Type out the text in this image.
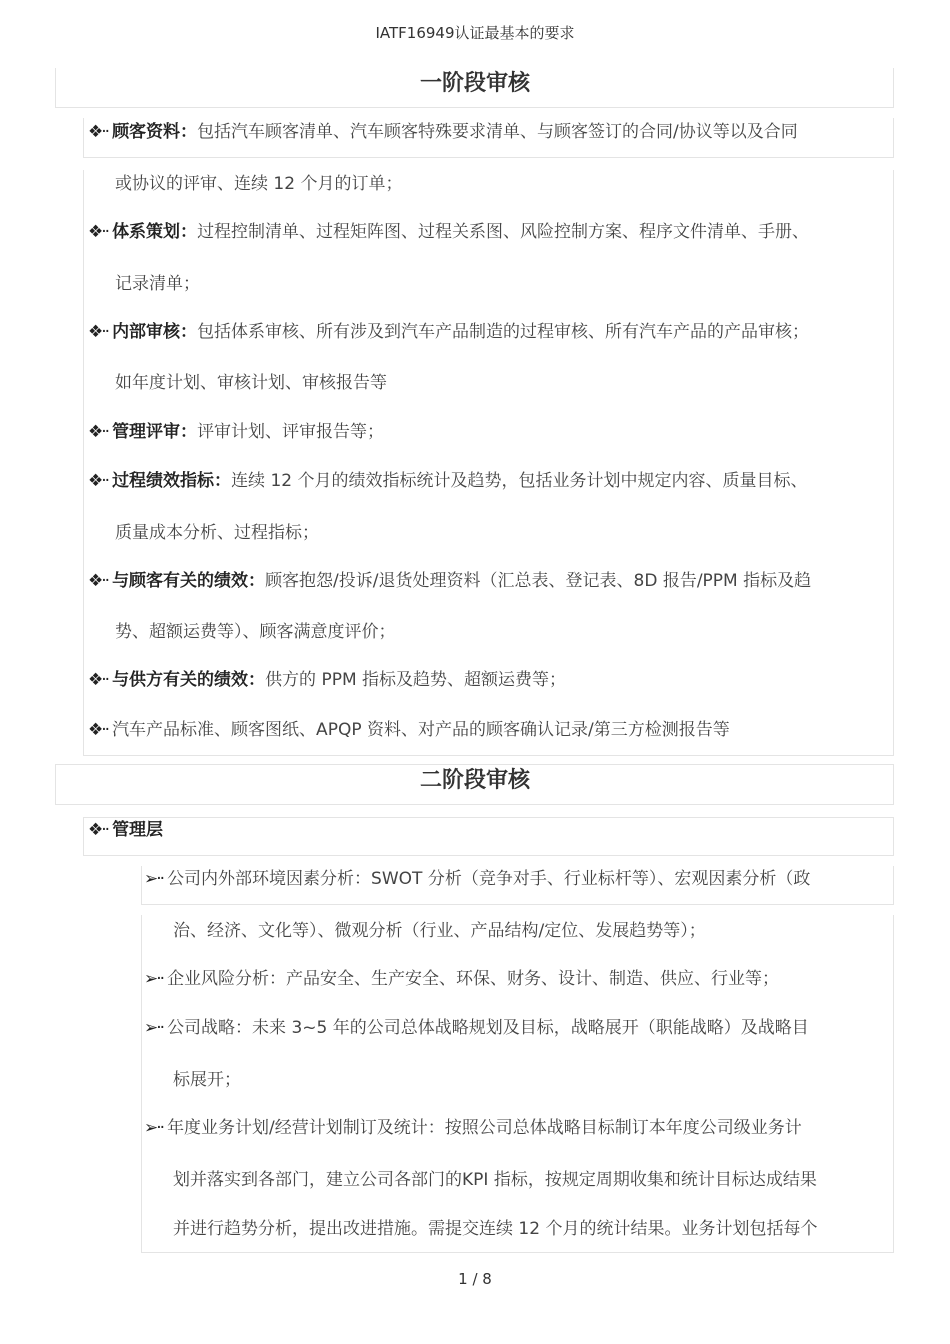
IATF16949认证最基本的要求
一阶段审核
❖·· 顾客资料：包括汽车顾客清单、汽车顾客特殊要求清单、与顾客签订的合同/协议等以及合同
或协议的评审、连续 12 个月的订单；
❖·· 体系策划：过程控制清单、过程矩阵图、过程关系图、风险控制方案、程序文件清单、手册、
记录清单；
❖·· 内部审核：包括体系审核、所有涉及到汽车产品制造的过程审核、所有汽车产品的产品审核；
如年度计划、审核计划、审核报告等
❖·· 管理评审：评审计划、评审报告等；
❖·· 过程绩效指标：连续 12 个月的绩效指标统计及趋势，包括业务计划中规定内容、质量目标、
质量成本分析、过程指标；
❖·· 与顾客有关的绩效：顾客抱怨/投诉/退货处理资料（汇总表、登记表、8D 报告/PPM 指标及趋
势、超额运费等）、顾客满意度评价；
❖·· 与供方有关的绩效：供方的 PPM 指标及趋势、超额运费等；
❖·· 汽车产品标准、顾客图纸、APQP 资料、对产品的顾客确认记录/第三方检测报告等
二阶段审核
❖·· 管理层
➢·· 公司内外部环境因素分析：SWOT 分析（竞争对手、行业标杆等）、宏观因素分析（政
治、经济、文化等）、微观分析（行业、产品结构/定位、发展趋势等）；
➢·· 企业风险分析：产品安全、生产安全、环保、财务、设计、制造、供应、行业等；
➢·· 公司战略：未来 3~5 年的公司总体战略规划及目标，战略展开（职能战略）及战略目
标展开；
➢·· 年度业务计划/经营计划制订及统计：按照公司总体战略目标制订本年度公司级业务计
划并落实到各部门，建立公司各部门的KPI 指标，按规定周期收集和统计目标达成结果
并进行趋势分析，提出改进措施。需提交连续 12 个月的统计结果。业务计划包括每个
1 / 8
